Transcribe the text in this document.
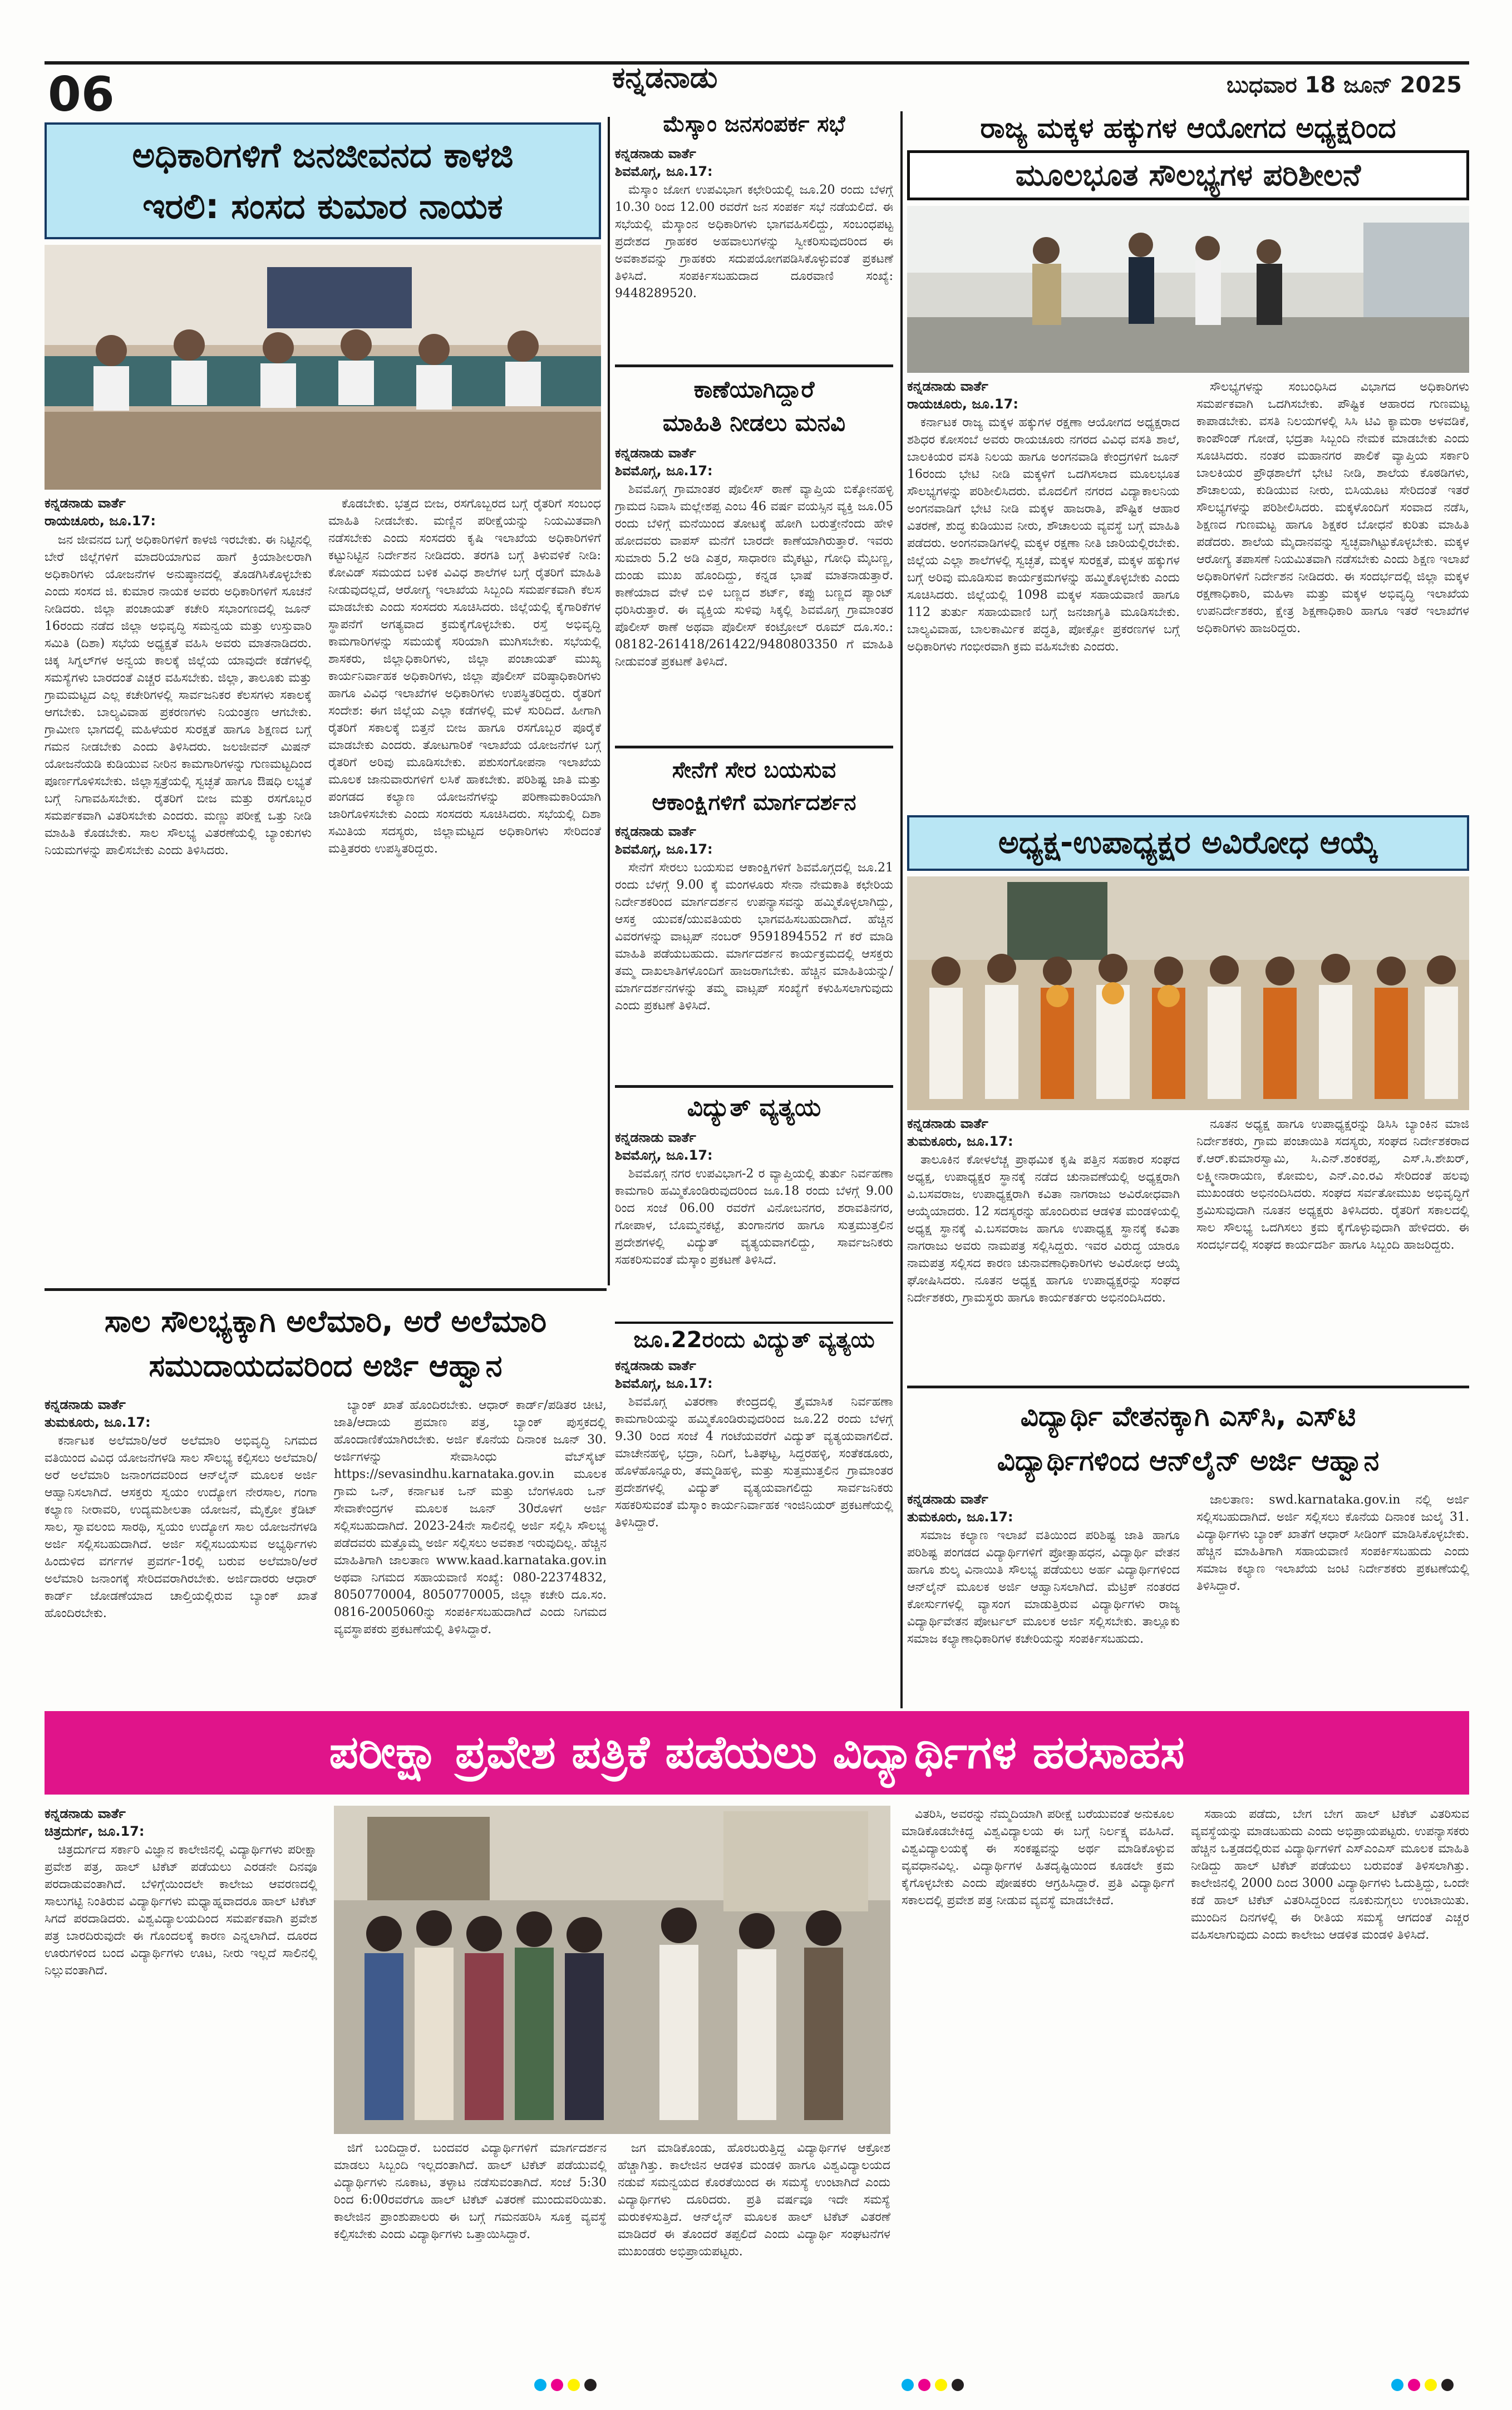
06	ಕನ್ನಡನಾಡು	ಬುಧವಾರ 18 ಜೂನ್ 2025
ಅಧಿಕಾರಿಗಳಿಗೆ ಜನಜೀವನದ ಕಾಳಜಿ
ಇರಲಿ: ಸಂಸದ ಕುಮಾರ ನಾಯಕ
ಕನ್ನಡನಾಡು ವಾರ್ತೆ
ರಾಯಚೂರು, ಜೂ.17:

ಜನ ಜೀವನದ ಬಗ್ಗೆ ಅಧಿಕಾರಿಗಳಿಗೆ ಕಾಳಜಿ ಇರಬೇಕು. ಈ ನಿಟ್ಟಿನಲ್ಲಿ ಬೇರೆ ಜಿಲ್ಲೆಗಳಿಗೆ ಮಾದರಿಯಾಗುವ ಹಾಗೆ ಕ್ರಿಯಾಶೀಲರಾಗಿ ಅಧಿಕಾರಿಗಳು ಯೋಜನೆಗಳ ಅನುಷ್ಠಾನದಲ್ಲಿ ತೊಡಗಿಸಿಕೊಳ್ಳಬೇಕು ಎಂದು ಸಂಸದ ಜಿ. ಕುಮಾರ ನಾಯಕ ಅವರು ಅಧಿಕಾರಿಗಳಿಗೆ ಸೂಚನೆ ನೀಡಿದರು. ಜಿಲ್ಲಾ ಪಂಚಾಯತ್ ಕಚೇರಿ ಸಭಾಂಗಣದಲ್ಲಿ ಜೂನ್ 16ರಂದು ನಡೆದ ಜಿಲ್ಲಾ ಅಭಿವೃದ್ಧಿ ಸಮನ್ವಯ ಮತ್ತು ಉಸ್ತುವಾರಿ ಸಮಿತಿ (ದಿಶಾ) ಸಭೆಯ ಅಧ್ಯಕ್ಷತೆ ವಹಿಸಿ ಅವರು ಮಾತನಾಡಿದರು. ಚಿಕ್ಕ ಸಿಗ್ನಲ್‌ಗಳ ಅನ್ವಯ ಕಾಲಕ್ಕೆ ಜಿಲ್ಲೆಯ ಯಾವುದೇ ಕಡೆಗಳಲ್ಲಿ ಸಮಸ್ಯೆಗಳು ಬಾರದಂತೆ ಎಚ್ಚರ ವಹಿಸಬೇಕು. ಜಿಲ್ಲಾ, ತಾಲೂಕು ಮತ್ತು ಗ್ರಾಮಮಟ್ಟದ ಎಲ್ಲ ಕಚೇರಿಗಳಲ್ಲಿ ಸಾರ್ವಜನಿಕರ ಕೆಲಸಗಳು ಸಕಾಲಕ್ಕೆ ಆಗಬೇಕು. ಬಾಲ್ಯವಿವಾಹ ಪ್ರಕರಣಗಳು ನಿಯಂತ್ರಣ ಆಗಬೇಕು. ಗ್ರಾಮೀಣ ಭಾಗದಲ್ಲಿ ಮಹಿಳೆಯರ ಸುರಕ್ಷತೆ ಹಾಗೂ ಶಿಕ್ಷಣದ ಬಗ್ಗೆ ಗಮನ ನೀಡಬೇಕು ಎಂದು ತಿಳಿಸಿದರು. ಜಲಜೀವನ್ ಮಿಷನ್ ಯೋಜನೆಯಡಿ ಕುಡಿಯುವ ನೀರಿನ ಕಾಮಗಾರಿಗಳನ್ನು ಗುಣಮಟ್ಟದಿಂದ ಪೂರ್ಣಗೊಳಿಸಬೇಕು. ಜಿಲ್ಲಾಸ್ಪತ್ರೆಯಲ್ಲಿ ಸ್ವಚ್ಛತೆ ಹಾಗೂ ಔಷಧಿ ಲಭ್ಯತೆ ಬಗ್ಗೆ ನಿಗಾವಹಿಸಬೇಕು. ರೈತರಿಗೆ ಬೀಜ ಮತ್ತು ರಸಗೊಬ್ಬರ ಸಮರ್ಪಕವಾಗಿ ವಿತರಿಸಬೇಕು ಎಂದರು. ಮಣ್ಣು ಪರೀಕ್ಷೆ ಒತ್ತು ನೀಡಿ ಮಾಹಿತಿ ಕೊಡಬೇಕು. ಸಾಲ ಸೌಲಭ್ಯ ವಿತರಣೆಯಲ್ಲಿ ಬ್ಯಾಂಕುಗಳು ನಿಯಮಗಳನ್ನು ಪಾಲಿಸಬೇಕು ಎಂದು ತಿಳಿಸಿದರು.

ಕೊಡಬೇಕು. ಭತ್ತದ ಬೀಜ, ರಸಗೊಬ್ಬರದ ಬಗ್ಗೆ ರೈತರಿಗೆ ಸಂಬಂಧ ಮಾಹಿತಿ ನೀಡಬೇಕು. ಮಣ್ಣಿನ ಪರೀಕ್ಷೆಯನ್ನು ನಿಯಮಿತವಾಗಿ ನಡೆಸಬೇಕು ಎಂದು ಸಂಸದರು ಕೃಷಿ ಇಲಾಖೆಯ ಅಧಿಕಾರಿಗಳಿಗೆ ಕಟ್ಟುನಿಟ್ಟಿನ ನಿರ್ದೇಶನ ನೀಡಿದರು. ತರಗತಿ ಬಗ್ಗೆ ತಿಳುವಳಿಕೆ ನೀಡಿ: ಕೋವಿಡ್ ಸಮಯದ ಬಳಿಕ ವಿವಿಧ ಶಾಲೆಗಳ ಬಗ್ಗೆ ರೈತರಿಗೆ ಮಾಹಿತಿ ನೀಡುವುದಲ್ಲದೆ, ಆರೋಗ್ಯ ಇಲಾಖೆಯ ಸಿಬ್ಬಂದಿ ಸಮರ್ಪಕವಾಗಿ ಕೆಲಸ ಮಾಡಬೇಕು ಎಂದು ಸಂಸದರು ಸೂಚಿಸಿದರು. ಜಿಲ್ಲೆಯಲ್ಲಿ ಕೈಗಾರಿಕೆಗಳ ಸ್ಥಾಪನೆಗೆ ಅಗತ್ಯವಾದ ಕ್ರಮಕೈಗೊಳ್ಳಬೇಕು. ರಸ್ತೆ ಅಭಿವೃದ್ಧಿ ಕಾಮಗಾರಿಗಳನ್ನು ಸಮಯಕ್ಕೆ ಸರಿಯಾಗಿ ಮುಗಿಸಬೇಕು. ಸಭೆಯಲ್ಲಿ ಶಾಸಕರು, ಜಿಲ್ಲಾಧಿಕಾರಿಗಳು, ಜಿಲ್ಲಾ ಪಂಚಾಯತ್ ಮುಖ್ಯ ಕಾರ್ಯನಿರ್ವಾಹಕ ಅಧಿಕಾರಿಗಳು, ಜಿಲ್ಲಾ ಪೊಲೀಸ್ ವರಿಷ್ಠಾಧಿಕಾರಿಗಳು ಹಾಗೂ ವಿವಿಧ ಇಲಾಖೆಗಳ ಅಧಿಕಾರಿಗಳು ಉಪಸ್ಥಿತರಿದ್ದರು. ರೈತರಿಗೆ ಸಂದೇಶ: ಈಗ ಜಿಲ್ಲೆಯ ಎಲ್ಲಾ ಕಡೆಗಳಲ್ಲಿ ಮಳೆ ಸುರಿದಿದೆ. ಹೀಗಾಗಿ ರೈತರಿಗೆ ಸಕಾಲಕ್ಕೆ ಬಿತ್ತನೆ ಬೀಜ ಹಾಗೂ ರಸಗೊಬ್ಬರ ಪೂರೈಕೆ ಮಾಡಬೇಕು ಎಂದರು. ತೋಟಗಾರಿಕೆ ಇಲಾಖೆಯ ಯೋಜನೆಗಳ ಬಗ್ಗೆ ರೈತರಿಗೆ ಅರಿವು ಮೂಡಿಸಬೇಕು. ಪಶುಸಂಗೋಪನಾ ಇಲಾಖೆಯ ಮೂಲಕ ಜಾನುವಾರುಗಳಿಗೆ ಲಸಿಕೆ ಹಾಕಬೇಕು. ಪರಿಶಿಷ್ಟ ಜಾತಿ ಮತ್ತು ಪಂಗಡದ ಕಲ್ಯಾಣ ಯೋಜನೆಗಳನ್ನು ಪರಿಣಾಮಕಾರಿಯಾಗಿ ಜಾರಿಗೊಳಿಸಬೇಕು ಎಂದು ಸಂಸದರು ಸೂಚಿಸಿದರು. ಸಭೆಯಲ್ಲಿ ದಿಶಾ ಸಮಿತಿಯ ಸದಸ್ಯರು, ಜಿಲ್ಲಾಮಟ್ಟದ ಅಧಿಕಾರಿಗಳು ಸೇರಿದಂತೆ ಮತ್ತಿತರರು ಉಪಸ್ಥಿತರಿದ್ದರು.

ಮೆಸ್ಕಾಂ ಜನಸಂಪರ್ಕ ಸಭೆ
ಕನ್ನಡನಾಡು ವಾರ್ತೆ
ಶಿವಮೊಗ್ಗ, ಜೂ.17:

ಮೆಸ್ಕಾಂ ಜೋಗ ಉಪವಿಭಾಗ ಕಛೇರಿಯಲ್ಲಿ ಜೂ.20 ರಂದು ಬೆಳಗ್ಗೆ 10.30 ರಿಂದ 12.00 ರವರೆಗೆ ಜನ ಸಂಪರ್ಕ ಸಭೆ ನಡೆಯಲಿದೆ. ಈ ಸಭೆಯಲ್ಲಿ ಮೆಸ್ಕಾಂನ ಅಧಿಕಾರಿಗಳು ಭಾಗವಹಿಸಲಿದ್ದು, ಸಂಬಂಧಪಟ್ಟ ಪ್ರದೇಶದ ಗ್ರಾಹಕರ ಅಹವಾಲುಗಳನ್ನು ಸ್ವೀಕರಿಸುವುದರಿಂದ ಈ ಅವಕಾಶವನ್ನು ಗ್ರಾಹಕರು ಸದುಪಯೋಗಪಡಿಸಿಕೊಳ್ಳುವಂತೆ ಪ್ರಕಟಣೆ ತಿಳಿಸಿದೆ. ಸಂಪರ್ಕಿಸಬಹುದಾದ ದೂರವಾಣಿ ಸಂಖ್ಯೆ: 9448289520.

ಕಾಣೆಯಾಗಿದ್ದಾರೆ
ಮಾಹಿತಿ ನೀಡಲು ಮನವಿ
ಕನ್ನಡನಾಡು ವಾರ್ತೆ
ಶಿವಮೊಗ್ಗ, ಜೂ.17:

ಶಿವಮೊಗ್ಗ ಗ್ರಾಮಾಂತರ ಪೊಲೀಸ್ ಠಾಣೆ ವ್ಯಾಪ್ತಿಯ ಬಿಕ್ಕೋನಹಳ್ಳಿ ಗ್ರಾಮದ ನಿವಾಸಿ ಮಲ್ಲೇಶಪ್ಪ ಎಂಬ 46 ವರ್ಷ ವಯಸ್ಸಿನ ವ್ಯಕ್ತಿ ಜೂ.05 ರಂದು ಬೆಳಿಗ್ಗೆ ಮನೆಯಿಂದ ತೋಟಕ್ಕೆ ಹೋಗಿ ಬರುತ್ತೇನೆಂದು ಹೇಳಿ ಹೋದವರು ವಾಪಸ್ ಮನೆಗೆ ಬಾರದೇ ಕಾಣೆಯಾಗಿರುತ್ತಾರೆ. ಇವರು ಸುಮಾರು 5.2 ಅಡಿ ಎತ್ತರ, ಸಾಧಾರಣ ಮೈಕಟ್ಟು, ಗೋಧಿ ಮೈಬಣ್ಣ, ದುಂಡು ಮುಖ ಹೊಂದಿದ್ದು, ಕನ್ನಡ ಭಾಷೆ ಮಾತನಾಡುತ್ತಾರೆ. ಕಾಣೆಯಾದ ವೇಳೆ ಬಿಳಿ ಬಣ್ಣದ ಶರ್ಟ್, ಕಪ್ಪು ಬಣ್ಣದ ಪ್ಯಾಂಟ್ ಧರಿಸಿರುತ್ತಾರೆ. ಈ ವ್ಯಕ್ತಿಯ ಸುಳಿವು ಸಿಕ್ಕಲ್ಲಿ ಶಿವಮೊಗ್ಗ ಗ್ರಾಮಾಂತರ ಪೊಲೀಸ್ ಠಾಣೆ ಅಥವಾ ಪೊಲೀಸ್ ಕಂಟ್ರೋಲ್ ರೂಮ್ ದೂ.ಸಂ.: 08182-261418/261422/9480803350 ಗೆ ಮಾಹಿತಿ ನೀಡುವಂತೆ ಪ್ರಕಟಣೆ ತಿಳಿಸಿದೆ.

ಸೇನೆಗೆ ಸೇರ ಬಯಸುವ
ಆಕಾಂಕ್ಷಿಗಳಿಗೆ ಮಾರ್ಗದರ್ಶನ
ಕನ್ನಡನಾಡು ವಾರ್ತೆ
ಶಿವಮೊಗ್ಗ, ಜೂ.17:

ಸೇನೆಗೆ ಸೇರಲು ಬಯಸುವ ಆಕಾಂಕ್ಷಿಗಳಿಗೆ ಶಿವಮೊಗ್ಗದಲ್ಲಿ ಜೂ.21 ರಂದು ಬೆಳಗ್ಗೆ 9.00 ಕ್ಕೆ ಮಂಗಳೂರು ಸೇನಾ ನೇಮಕಾತಿ ಕಛೇರಿಯ ನಿರ್ದೇಶಕರಿಂದ ಮಾರ್ಗದರ್ಶನ ಉಪನ್ಯಾಸವನ್ನು ಹಮ್ಮಿಕೊಳ್ಳಲಾಗಿದ್ದು, ಆಸಕ್ತ ಯುವಕ/ಯುವತಿಯರು ಭಾಗವಹಿಸಬಹುದಾಗಿದೆ. ಹೆಚ್ಚಿನ ವಿವರಗಳನ್ನು ವಾಟ್ಸಪ್ ನಂಬರ್ 9591894552 ಗೆ ಕರೆ ಮಾಡಿ ಮಾಹಿತಿ ಪಡೆಯಬಹುದು. ಮಾರ್ಗದರ್ಶನ ಕಾರ್ಯಕ್ರಮದಲ್ಲಿ ಆಸಕ್ತರು ತಮ್ಮ ದಾಖಲಾತಿಗಳೊಂದಿಗೆ ಹಾಜರಾಗಬೇಕು. ಹೆಚ್ಚಿನ ಮಾಹಿತಿಯನ್ನು/ಮಾರ್ಗದರ್ಶನಗಳನ್ನು ತಮ್ಮ ವಾಟ್ಸಪ್ ಸಂಖ್ಯೆಗೆ ಕಳುಹಿಸಲಾಗುವುದು ಎಂದು ಪ್ರಕಟಣೆ ತಿಳಿಸಿದೆ.

ವಿದ್ಯುತ್ ವ್ಯತ್ಯಯ
ಕನ್ನಡನಾಡು ವಾರ್ತೆ
ಶಿವಮೊಗ್ಗ, ಜೂ.17:

ಶಿವಮೊಗ್ಗ ನಗರ ಉಪವಿಭಾಗ-2 ರ ವ್ಯಾಪ್ತಿಯಲ್ಲಿ ತುರ್ತು ನಿರ್ವಹಣಾ ಕಾಮಗಾರಿ ಹಮ್ಮಿಕೊಂಡಿರುವುದರಿಂದ ಜೂ.18 ರಂದು ಬೆಳಗ್ಗೆ 9.00 ರಿಂದ ಸಂಜೆ 06.00 ರವರೆಗೆ ವಿನೋಬನಗರ, ಶರಾವತಿನಗರ, ಗೋಪಾಳ, ಬೊಮ್ಮನಕಟ್ಟೆ, ತುಂಗಾನಗರ ಹಾಗೂ ಸುತ್ತಮುತ್ತಲಿನ ಪ್ರದೇಶಗಳಲ್ಲಿ ವಿದ್ಯುತ್ ವ್ಯತ್ಯಯವಾಗಲಿದ್ದು, ಸಾರ್ವಜನಿಕರು ಸಹಕರಿಸುವಂತೆ ಮೆಸ್ಕಾಂ ಪ್ರಕಟಣೆ ತಿಳಿಸಿದೆ.

ಜೂ.22ರಂದು ವಿದ್ಯುತ್ ವ್ಯತ್ಯಯ
ಕನ್ನಡನಾಡು ವಾರ್ತೆ
ಶಿವಮೊಗ್ಗ, ಜೂ.17:

ಶಿವಮೊಗ್ಗ ವಿತರಣಾ ಕೇಂದ್ರದಲ್ಲಿ ತ್ರೈಮಾಸಿಕ ನಿರ್ವಹಣಾ ಕಾಮಗಾರಿಯನ್ನು ಹಮ್ಮಿಕೊಂಡಿರುವುದರಿಂದ ಜೂ.22 ರಂದು ಬೆಳಗ್ಗೆ 9.30 ರಿಂದ ಸಂಜೆ 4 ಗಂಟೆಯವರೆಗೆ ವಿದ್ಯುತ್ ವ್ಯತ್ಯಯವಾಗಲಿದೆ. ಮಾಚೇನಹಳ್ಳಿ, ಭದ್ರಾ, ನಿದಿಗೆ, ಓತಿಘಟ್ಟ, ಸಿದ್ದರಹಳ್ಳಿ, ಸಂತೆಕಡೂರು, ಹೊಳೆಹೊನ್ನೂರು, ತಮ್ಮಡಿಹಳ್ಳಿ, ಮತ್ತು ಸುತ್ತಮುತ್ತಲಿನ ಗ್ರಾಮಾಂತರ ಪ್ರದೇಶಗಳಲ್ಲಿ ವಿದ್ಯುತ್ ವ್ಯತ್ಯಯವಾಗಲಿದ್ದು ಸಾರ್ವಜನಿಕರು ಸಹಕರಿಸುವಂತೆ ಮೆಸ್ಕಾಂ ಕಾರ್ಯನಿರ್ವಾಹಕ ಇಂಜಿನಿಯರ್ ಪ್ರಕಟಣೆಯಲ್ಲಿ ತಿಳಿಸಿದ್ದಾರೆ.

ರಾಜ್ಯ ಮಕ್ಕಳ ಹಕ್ಕುಗಳ ಆಯೋಗದ ಅಧ್ಯಕ್ಷರಿಂದ
ಮೂಲಭೂತ ಸೌಲಭ್ಯಗಳ ಪರಿಶೀಲನೆ
ಕನ್ನಡನಾಡು ವಾರ್ತೆ
ರಾಯಚೂರು, ಜೂ.17:

ಕರ್ನಾಟಕ ರಾಜ್ಯ ಮಕ್ಕಳ ಹಕ್ಕುಗಳ ರಕ್ಷಣಾ ಆಯೋಗದ ಅಧ್ಯಕ್ಷರಾದ ಶಶಿಧರ ಕೋಸಂಬೆ ಅವರು ರಾಯಚೂರು ನಗರದ ವಿವಿಧ ವಸತಿ ಶಾಲೆ, ಬಾಲಕಿಯರ ವಸತಿ ನಿಲಯ ಹಾಗೂ ಅಂಗನವಾಡಿ ಕೇಂದ್ರಗಳಿಗೆ ಜೂನ್ 16ರಂದು ಭೇಟಿ ನೀಡಿ ಮಕ್ಕಳಿಗೆ ಒದಗಿಸಲಾದ ಮೂಲಭೂತ ಸೌಲಭ್ಯಗಳನ್ನು ಪರಿಶೀಲಿಸಿದರು. ಮೊದಲಿಗೆ ನಗರದ ವಿದ್ಯಾಕಾಲನಿಯ ಅಂಗನವಾಡಿಗೆ ಭೇಟಿ ನೀಡಿ ಮಕ್ಕಳ ಹಾಜರಾತಿ, ಪೌಷ್ಟಿಕ ಆಹಾರ ವಿತರಣೆ, ಶುದ್ಧ ಕುಡಿಯುವ ನೀರು, ಶೌಚಾಲಯ ವ್ಯವಸ್ಥೆ ಬಗ್ಗೆ ಮಾಹಿತಿ ಪಡೆದರು. ಅಂಗನವಾಡಿಗಳಲ್ಲಿ ಮಕ್ಕಳ ರಕ್ಷಣಾ ನೀತಿ ಜಾರಿಯಲ್ಲಿರಬೇಕು. ಜಿಲ್ಲೆಯ ಎಲ್ಲಾ ಶಾಲೆಗಳಲ್ಲಿ ಸ್ವಚ್ಛತೆ, ಮಕ್ಕಳ ಸುರಕ್ಷತೆ, ಮಕ್ಕಳ ಹಕ್ಕುಗಳ ಬಗ್ಗೆ ಅರಿವು ಮೂಡಿಸುವ ಕಾರ್ಯಕ್ರಮಗಳನ್ನು ಹಮ್ಮಿಕೊಳ್ಳಬೇಕು ಎಂದು ಸೂಚಿಸಿದರು. ಜಿಲ್ಲೆಯಲ್ಲಿ 1098 ಮಕ್ಕಳ ಸಹಾಯವಾಣಿ ಹಾಗೂ 112 ತುರ್ತು ಸಹಾಯವಾಣಿ ಬಗ್ಗೆ ಜನಜಾಗೃತಿ ಮೂಡಿಸಬೇಕು. ಬಾಲ್ಯವಿವಾಹ, ಬಾಲಕಾರ್ಮಿಕ ಪದ್ಧತಿ, ಪೋಕ್ಸೋ ಪ್ರಕರಣಗಳ ಬಗ್ಗೆ ಅಧಿಕಾರಿಗಳು ಗಂಭೀರವಾಗಿ ಕ್ರಮ ವಹಿಸಬೇಕು ಎಂದರು.

ಸೌಲಭ್ಯಗಳನ್ನು ಸಂಬಂಧಿಸಿದ ವಿಭಾಗದ ಅಧಿಕಾರಿಗಳು ಸಮರ್ಪಕವಾಗಿ ಒದಗಿಸಬೇಕು. ಪೌಷ್ಟಿಕ ಆಹಾರದ ಗುಣಮಟ್ಟ ಕಾಪಾಡಬೇಕು. ವಸತಿ ನಿಲಯಗಳಲ್ಲಿ ಸಿಸಿ ಟಿವಿ ಕ್ಯಾಮರಾ ಅಳವಡಿಕೆ, ಕಾಂಪೌಂಡ್ ಗೋಡೆ, ಭದ್ರತಾ ಸಿಬ್ಬಂದಿ ನೇಮಕ ಮಾಡಬೇಕು ಎಂದು ಸೂಚಿಸಿದರು. ನಂತರ ಮಹಾನಗರ ಪಾಲಿಕೆ ವ್ಯಾಪ್ತಿಯ ಸರ್ಕಾರಿ ಬಾಲಕಿಯರ ಪ್ರೌಢಶಾಲೆಗೆ ಭೇಟಿ ನೀಡಿ, ಶಾಲೆಯ ಕೊಠಡಿಗಳು, ಶೌಚಾಲಯ, ಕುಡಿಯುವ ನೀರು, ಬಿಸಿಯೂಟ ಸೇರಿದಂತೆ ಇತರೆ ಸೌಲಭ್ಯಗಳನ್ನು ಪರಿಶೀಲಿಸಿದರು. ಮಕ್ಕಳೊಂದಿಗೆ ಸಂವಾದ ನಡೆಸಿ, ಶಿಕ್ಷಣದ ಗುಣಮಟ್ಟ ಹಾಗೂ ಶಿಕ್ಷಕರ ಬೋಧನೆ ಕುರಿತು ಮಾಹಿತಿ ಪಡೆದರು. ಶಾಲೆಯ ಮೈದಾನವನ್ನು ಸ್ವಚ್ಛವಾಗಿಟ್ಟುಕೊಳ್ಳಬೇಕು. ಮಕ್ಕಳ ಆರೋಗ್ಯ ತಪಾಸಣೆ ನಿಯಮಿತವಾಗಿ ನಡೆಸಬೇಕು ಎಂದು ಶಿಕ್ಷಣ ಇಲಾಖೆ ಅಧಿಕಾರಿಗಳಿಗೆ ನಿರ್ದೇಶನ ನೀಡಿದರು. ಈ ಸಂದರ್ಭದಲ್ಲಿ ಜಿಲ್ಲಾ ಮಕ್ಕಳ ರಕ್ಷಣಾಧಿಕಾರಿ, ಮಹಿಳಾ ಮತ್ತು ಮಕ್ಕಳ ಅಭಿವೃದ್ಧಿ ಇಲಾಖೆಯ ಉಪನಿರ್ದೇಶಕರು, ಕ್ಷೇತ್ರ ಶಿಕ್ಷಣಾಧಿಕಾರಿ ಹಾಗೂ ಇತರೆ ಇಲಾಖೆಗಳ ಅಧಿಕಾರಿಗಳು ಹಾಜರಿದ್ದರು.

ಅಧ್ಯಕ್ಷ-ಉಪಾಧ್ಯಕ್ಷರ ಅವಿರೋಧ ಆಯ್ಕೆ
ಕನ್ನಡನಾಡು ವಾರ್ತೆ
ತುಮಕೂರು, ಜೂ.17:

ತಾಲೂಕಿನ ಕೋಳಲೆಚ್ಚ ಪ್ರಾಥಮಿಕ ಕೃಷಿ ಪತ್ತಿನ ಸಹಕಾರ ಸಂಘದ ಅಧ್ಯಕ್ಷ, ಉಪಾಧ್ಯಕ್ಷರ ಸ್ಥಾನಕ್ಕೆ ನಡೆದ ಚುನಾವಣೆಯಲ್ಲಿ ಅಧ್ಯಕ್ಷರಾಗಿ ವಿ.ಬಸವರಾಜ, ಉಪಾಧ್ಯಕ್ಷರಾಗಿ ಕವಿತಾ ನಾಗರಾಜು ಅವಿರೋಧವಾಗಿ ಆಯ್ಕೆಯಾದರು. 12 ಸದಸ್ಯರನ್ನು ಹೊಂದಿರುವ ಆಡಳಿತ ಮಂಡಳಿಯಲ್ಲಿ ಅಧ್ಯಕ್ಷ ಸ್ಥಾನಕ್ಕೆ ವಿ.ಬಸವರಾಜ ಹಾಗೂ ಉಪಾಧ್ಯಕ್ಷ ಸ್ಥಾನಕ್ಕೆ ಕವಿತಾ ನಾಗರಾಜು ಅವರು ನಾಮಪತ್ರ ಸಲ್ಲಿಸಿದ್ದರು. ಇವರ ವಿರುದ್ಧ ಯಾರೂ ನಾಮಪತ್ರ ಸಲ್ಲಿಸದ ಕಾರಣ ಚುನಾವಣಾಧಿಕಾರಿಗಳು ಅವಿರೋಧ ಆಯ್ಕೆ ಘೋಷಿಸಿದರು. ನೂತನ ಅಧ್ಯಕ್ಷ ಹಾಗೂ ಉಪಾಧ್ಯಕ್ಷರನ್ನು ಸಂಘದ ನಿರ್ದೇಶಕರು, ಗ್ರಾಮಸ್ಥರು ಹಾಗೂ ಕಾರ್ಯಕರ್ತರು ಅಭಿನಂದಿಸಿದರು.

ನೂತನ ಅಧ್ಯಕ್ಷ ಹಾಗೂ ಉಪಾಧ್ಯಕ್ಷರನ್ನು ಡಿಸಿಸಿ ಬ್ಯಾಂಕಿನ ಮಾಜಿ ನಿರ್ದೇಶಕರು, ಗ್ರಾಮ ಪಂಚಾಯಿತಿ ಸದಸ್ಯರು, ಸಂಘದ ನಿರ್ದೇಶಕರಾದ ಕೆ.ಆರ್.ಕುಮಾರಸ್ವಾಮಿ, ಸಿ.ಎನ್.ಶಂಕರಪ್ಪ, ಎಸ್.ಸಿ.ಶೇಖರ್, ಲಕ್ಷ್ಮೀನಾರಾಯಣ, ಕೋಮಲ, ಎನ್.ಎಂ.ರವಿ ಸೇರಿದಂತೆ ಹಲವು ಮುಖಂಡರು ಅಭಿನಂದಿಸಿದರು. ಸಂಘದ ಸರ್ವತೋಮುಖ ಅಭಿವೃದ್ಧಿಗೆ ಶ್ರಮಿಸುವುದಾಗಿ ನೂತನ ಅಧ್ಯಕ್ಷರು ತಿಳಿಸಿದರು. ರೈತರಿಗೆ ಸಕಾಲದಲ್ಲಿ ಸಾಲ ಸೌಲಭ್ಯ ಒದಗಿಸಲು ಕ್ರಮ ಕೈಗೊಳ್ಳುವುದಾಗಿ ಹೇಳಿದರು. ಈ ಸಂದರ್ಭದಲ್ಲಿ ಸಂಘದ ಕಾರ್ಯದರ್ಶಿ ಹಾಗೂ ಸಿಬ್ಬಂದಿ ಹಾಜರಿದ್ದರು.

ಸಾಲ ಸೌಲಭ್ಯಕ್ಕಾಗಿ ಅಲೆಮಾರಿ, ಅರೆ ಅಲೆಮಾರಿ
ಸಮುದಾಯದವರಿಂದ ಅರ್ಜಿ ಆಹ್ವಾನ
ಕನ್ನಡನಾಡು ವಾರ್ತೆ
ತುಮಕೂರು, ಜೂ.17:

ಕರ್ನಾಟಕ ಅಲೆಮಾರಿ/ಅರೆ ಅಲೆಮಾರಿ ಅಭಿವೃದ್ಧಿ ನಿಗಮದ ವತಿಯಿಂದ ವಿವಿಧ ಯೋಜನೆಗಳಡಿ ಸಾಲ ಸೌಲಭ್ಯ ಕಲ್ಪಿಸಲು ಅಲೆಮಾರಿ/ಅರೆ ಅಲೆಮಾರಿ ಜನಾಂಗದವರಿಂದ ಆನ್‌ಲೈನ್ ಮೂಲಕ ಅರ್ಜಿ ಆಹ್ವಾನಿಸಲಾಗಿದೆ. ಆಸಕ್ತರು ಸ್ವಯಂ ಉದ್ಯೋಗ ನೇರಸಾಲ, ಗಂಗಾ ಕಲ್ಯಾಣ ನೀರಾವರಿ, ಉದ್ಯಮಶೀಲತಾ ಯೋಜನೆ, ಮೈಕ್ರೋ ಕ್ರೆಡಿಟ್ ಸಾಲ, ಸ್ವಾವಲಂಬಿ ಸಾರಥಿ, ಸ್ವಯಂ ಉದ್ಯೋಗ ಸಾಲ ಯೋಜನೆಗಳಡಿ ಅರ್ಜಿ ಸಲ್ಲಿಸಬಹುದಾಗಿದೆ. ಅರ್ಜಿ ಸಲ್ಲಿಸಬಯಸುವ ಅಭ್ಯರ್ಥಿಗಳು ಹಿಂದುಳಿದ ವರ್ಗಗಳ ಪ್ರವರ್ಗ-1ರಲ್ಲಿ ಬರುವ ಅಲೆಮಾರಿ/ಅರೆ ಅಲೆಮಾರಿ ಜನಾಂಗಕ್ಕೆ ಸೇರಿದವರಾಗಿರಬೇಕು. ಅರ್ಜಿದಾರರು ಆಧಾರ್ ಕಾರ್ಡ್ ಜೋಡಣೆಯಾದ ಚಾಲ್ತಿಯಲ್ಲಿರುವ ಬ್ಯಾಂಕ್ ಖಾತೆ ಹೊಂದಿರಬೇಕು.

ಬ್ಯಾಂಕ್ ಖಾತೆ ಹೊಂದಿರಬೇಕು. ಆಧಾರ್ ಕಾರ್ಡ್/ಪಡಿತರ ಚೀಟಿ, ಜಾತಿ/ಆದಾಯ ಪ್ರಮಾಣ ಪತ್ರ, ಬ್ಯಾಂಕ್ ಪುಸ್ತಕದಲ್ಲಿ ಹೊಂದಾಣಿಕೆಯಾಗಿರಬೇಕು. ಅರ್ಜಿ ಕೊನೆಯ ದಿನಾಂಕ ಜೂನ್ 30. ಅರ್ಜಿಗಳನ್ನು ಸೇವಾಸಿಂಧು ವೆಬ್‌ಸೈಟ್ https://sevasindhu.karnataka.gov.in ಮೂಲಕ ಗ್ರಾಮ ಒನ್, ಕರ್ನಾಟಕ ಒನ್ ಮತ್ತು ಬೆಂಗಳೂರು ಒನ್ ಸೇವಾಕೇಂದ್ರಗಳ ಮೂಲಕ ಜೂನ್ 30ರೊಳಗೆ ಅರ್ಜಿ ಸಲ್ಲಿಸಬಹುದಾಗಿದೆ. 2023-24ನೇ ಸಾಲಿನಲ್ಲಿ ಅರ್ಜಿ ಸಲ್ಲಿಸಿ ಸೌಲಭ್ಯ ಪಡೆದವರು ಮತ್ತೊಮ್ಮೆ ಅರ್ಜಿ ಸಲ್ಲಿಸಲು ಅವಕಾಶ ಇರುವುದಿಲ್ಲ. ಹೆಚ್ಚಿನ ಮಾಹಿತಿಗಾಗಿ ಜಾಲತಾಣ www.kaad.karnataka.gov.in ಅಥವಾ ನಿಗಮದ ಸಹಾಯವಾಣಿ ಸಂಖ್ಯೆ: 080-22374832, 8050770004, 8050770005, ಜಿಲ್ಲಾ ಕಚೇರಿ ದೂ.ಸಂ. 0816-2005060ನ್ನು ಸಂಪರ್ಕಿಸಬಹುದಾಗಿದೆ ಎಂದು ನಿಗಮದ ವ್ಯವಸ್ಥಾಪಕರು ಪ್ರಕಟಣೆಯಲ್ಲಿ ತಿಳಿಸಿದ್ದಾರೆ.

ವಿದ್ಯಾರ್ಥಿ ವೇತನಕ್ಕಾಗಿ ಎಸ್‌ಸಿ, ಎಸ್‌ಟಿ
ವಿದ್ಯಾರ್ಥಿಗಳಿಂದ ಆನ್‌ಲೈನ್ ಅರ್ಜಿ ಆಹ್ವಾನ
ಕನ್ನಡನಾಡು ವಾರ್ತೆ
ತುಮಕೂರು, ಜೂ.17:

ಸಮಾಜ ಕಲ್ಯಾಣ ಇಲಾಖೆ ವತಿಯಿಂದ ಪರಿಶಿಷ್ಟ ಜಾತಿ ಹಾಗೂ ಪರಿಶಿಷ್ಟ ಪಂಗಡದ ವಿದ್ಯಾರ್ಥಿಗಳಿಗೆ ಪ್ರೋತ್ಸಾಹಧನ, ವಿದ್ಯಾರ್ಥಿ ವೇತನ ಹಾಗೂ ಶುಲ್ಕ ವಿನಾಯಿತಿ ಸೌಲಭ್ಯ ಪಡೆಯಲು ಅರ್ಹ ವಿದ್ಯಾರ್ಥಿಗಳಿಂದ ಆನ್‌ಲೈನ್ ಮೂಲಕ ಅರ್ಜಿ ಆಹ್ವಾನಿಸಲಾಗಿದೆ. ಮೆಟ್ರಿಕ್ ನಂತರದ ಕೋರ್ಸುಗಳಲ್ಲಿ ವ್ಯಾಸಂಗ ಮಾಡುತ್ತಿರುವ ವಿದ್ಯಾರ್ಥಿಗಳು ರಾಜ್ಯ ವಿದ್ಯಾರ್ಥಿವೇತನ ಪೋರ್ಟಲ್ ಮೂಲಕ ಅರ್ಜಿ ಸಲ್ಲಿಸಬೇಕು. ತಾಲ್ಲೂಕು ಸಮಾಜ ಕಲ್ಯಾಣಾಧಿಕಾರಿಗಳ ಕಚೇರಿಯನ್ನು ಸಂಪರ್ಕಿಸಬಹುದು.

ಜಾಲತಾಣ: swd.karnataka.gov.in ನಲ್ಲಿ ಅರ್ಜಿ ಸಲ್ಲಿಸಬಹುದಾಗಿದೆ. ಅರ್ಜಿ ಸಲ್ಲಿಸಲು ಕೊನೆಯ ದಿನಾಂಕ ಜುಲೈ 31. ವಿದ್ಯಾರ್ಥಿಗಳು ಬ್ಯಾಂಕ್ ಖಾತೆಗೆ ಆಧಾರ್ ಸೀಡಿಂಗ್ ಮಾಡಿಸಿಕೊಳ್ಳಬೇಕು. ಹೆಚ್ಚಿನ ಮಾಹಿತಿಗಾಗಿ ಸಹಾಯವಾಣಿ ಸಂಪರ್ಕಿಸಬಹುದು ಎಂದು ಸಮಾಜ ಕಲ್ಯಾಣ ಇಲಾಖೆಯ ಜಂಟಿ ನಿರ್ದೇಶಕರು ಪ್ರಕಟಣೆಯಲ್ಲಿ ತಿಳಿಸಿದ್ದಾರೆ.

ಪರೀಕ್ಷಾ ಪ್ರವೇಶ ಪತ್ರಿಕೆ ಪಡೆಯಲು ವಿದ್ಯಾರ್ಥಿಗಳ ಹರಸಾಹಸ
ಕನ್ನಡನಾಡು ವಾರ್ತೆ
ಚಿತ್ರದುರ್ಗ, ಜೂ.17:

ಚಿತ್ರದುರ್ಗದ ಸರ್ಕಾರಿ ವಿಜ್ಞಾನ ಕಾಲೇಜಿನಲ್ಲಿ ವಿದ್ಯಾರ್ಥಿಗಳು ಪರೀಕ್ಷಾ ಪ್ರವೇಶ ಪತ್ರ, ಹಾಲ್ ಟಿಕೆಟ್ ಪಡೆಯಲು ಎರಡನೇ ದಿನವೂ ಪರದಾಡುವಂತಾಗಿದೆ. ಬೆಳಿಗ್ಗೆಯಿಂದಲೇ ಕಾಲೇಜು ಆವರಣದಲ್ಲಿ ಸಾಲುಗಟ್ಟಿ ನಿಂತಿರುವ ವಿದ್ಯಾರ್ಥಿಗಳು ಮಧ್ಯಾಹ್ನವಾದರೂ ಹಾಲ್ ಟಿಕೆಟ್ ಸಿಗದೆ ಪರದಾಡಿದರು. ವಿಶ್ವವಿದ್ಯಾಲಯದಿಂದ ಸಮರ್ಪಕವಾಗಿ ಪ್ರವೇಶ ಪತ್ರ ಬಾರದಿರುವುದೇ ಈ ಗೊಂದಲಕ್ಕೆ ಕಾರಣ ಎನ್ನಲಾಗಿದೆ. ದೂರದ ಊರುಗಳಿಂದ ಬಂದ ವಿದ್ಯಾರ್ಥಿಗಳು ಊಟ, ನೀರು ಇಲ್ಲದೆ ಸಾಲಿನಲ್ಲಿ ನಿಲ್ಲುವಂತಾಗಿದೆ.

ಜಿಗೆ ಬಂದಿದ್ದಾರೆ. ಬಂದವರ ವಿದ್ಯಾರ್ಥಿಗಳಿಗೆ ಮಾರ್ಗದರ್ಶನ ಮಾಡಲು ಸಿಬ್ಬಂದಿ ಇಲ್ಲದಂತಾಗಿದೆ. ಹಾಲ್ ಟಿಕೆಟ್ ಪಡೆಯುವಲ್ಲಿ ವಿದ್ಯಾರ್ಥಿಗಳು ನೂಕಾಟ, ತಳ್ಳಾಟ ನಡೆಸುವಂತಾಗಿದೆ. ಸಂಜೆ 5:30 ರಿಂದ 6:00ರವರೆಗೂ ಹಾಲ್ ಟಿಕೆಟ್ ವಿತರಣೆ ಮುಂದುವರಿಯಿತು. ಕಾಲೇಜಿನ ಪ್ರಾಂಶುಪಾಲರು ಈ ಬಗ್ಗೆ ಗಮನಹರಿಸಿ ಸೂಕ್ತ ವ್ಯವಸ್ಥೆ ಕಲ್ಪಿಸಬೇಕು ಎಂದು ವಿದ್ಯಾರ್ಥಿಗಳು ಒತ್ತಾಯಿಸಿದ್ದಾರೆ.

ಜಗ ಮಾಡಿಕೊಂಡು, ಹೊರಬರುತ್ತಿದ್ದ ವಿದ್ಯಾರ್ಥಿಗಳ ಆಕ್ರೋಶ ಹೆಚ್ಚಾಗಿತ್ತು. ಕಾಲೇಜಿನ ಆಡಳಿತ ಮಂಡಳಿ ಹಾಗೂ ವಿಶ್ವವಿದ್ಯಾಲಯದ ನಡುವೆ ಸಮನ್ವಯದ ಕೊರತೆಯಿಂದ ಈ ಸಮಸ್ಯೆ ಉಂಟಾಗಿದೆ ಎಂದು ವಿದ್ಯಾರ್ಥಿಗಳು ದೂರಿದರು. ಪ್ರತಿ ವರ್ಷವೂ ಇದೇ ಸಮಸ್ಯೆ ಮರುಕಳಿಸುತ್ತಿದೆ. ಆನ್‌ಲೈನ್ ಮೂಲಕ ಹಾಲ್ ಟಿಕೆಟ್ ವಿತರಣೆ ಮಾಡಿದರೆ ಈ ತೊಂದರೆ ತಪ್ಪಲಿದೆ ಎಂದು ವಿದ್ಯಾರ್ಥಿ ಸಂಘಟನೆಗಳ ಮುಖಂಡರು ಅಭಿಪ್ರಾಯಪಟ್ಟರು.

ವಿತರಿಸಿ, ಅವರನ್ನು ನೆಮ್ಮದಿಯಾಗಿ ಪರೀಕ್ಷೆ ಬರೆಯುವಂತೆ ಅನುಕೂಲ ಮಾಡಿಕೊಡಬೇಕಿದ್ದ ವಿಶ್ವವಿದ್ಯಾಲಯ ಈ ಬಗ್ಗೆ ನಿರ್ಲಕ್ಷ್ಯ ವಹಿಸಿದೆ. ವಿಶ್ವವಿದ್ಯಾಲಯಕ್ಕೆ ಈ ಸಂಕಷ್ಟವನ್ನು ಅರ್ಥ ಮಾಡಿಕೊಳ್ಳುವ ವ್ಯವಧಾನವಿಲ್ಲ. ವಿದ್ಯಾರ್ಥಿಗಳ ಹಿತದೃಷ್ಟಿಯಿಂದ ಕೂಡಲೇ ಕ್ರಮ ಕೈಗೊಳ್ಳಬೇಕು ಎಂದು ಪೋಷಕರು ಆಗ್ರಹಿಸಿದ್ದಾರೆ. ಪ್ರತಿ ವಿದ್ಯಾರ್ಥಿಗೆ ಸಕಾಲದಲ್ಲಿ ಪ್ರವೇಶ ಪತ್ರ ನೀಡುವ ವ್ಯವಸ್ಥೆ ಮಾಡಬೇಕಿದೆ.

ಸಹಾಯ ಪಡೆದು, ಬೇಗ ಬೇಗ ಹಾಲ್ ಟಿಕೆಟ್ ವಿತರಿಸುವ ವ್ಯವಸ್ಥೆಯನ್ನು ಮಾಡಬಹುದು ಎಂದು ಅಭಿಪ್ರಾಯಪಟ್ಟರು. ಉಪನ್ಯಾಸಕರು ಹೆಚ್ಚಿನ ಒತ್ತಡದಲ್ಲಿರುವ ವಿದ್ಯಾರ್ಥಿಗಳಿಗೆ ಎಸ್‌ಎಂಎಸ್ ಮೂಲಕ ಮಾಹಿತಿ ನೀಡಿದ್ದು ಹಾಲ್ ಟಿಕೆಟ್ ಪಡೆಯಲು ಬರುವಂತೆ ತಿಳಿಸಲಾಗಿತ್ತು. ಕಾಲೇಜಿನಲ್ಲಿ 2000 ದಿಂದ 3000 ವಿದ್ಯಾರ್ಥಿಗಳು ಓದುತ್ತಿದ್ದು, ಒಂದೇ ಕಡೆ ಹಾಲ್ ಟಿಕೆಟ್ ವಿತರಿಸಿದ್ದರಿಂದ ನೂಕುನುಗ್ಗಲು ಉಂಟಾಯಿತು. ಮುಂದಿನ ದಿನಗಳಲ್ಲಿ ಈ ರೀತಿಯ ಸಮಸ್ಯೆ ಆಗದಂತೆ ಎಚ್ಚರ ವಹಿಸಲಾಗುವುದು ಎಂದು ಕಾಲೇಜು ಆಡಳಿತ ಮಂಡಳಿ ತಿಳಿಸಿದೆ.
